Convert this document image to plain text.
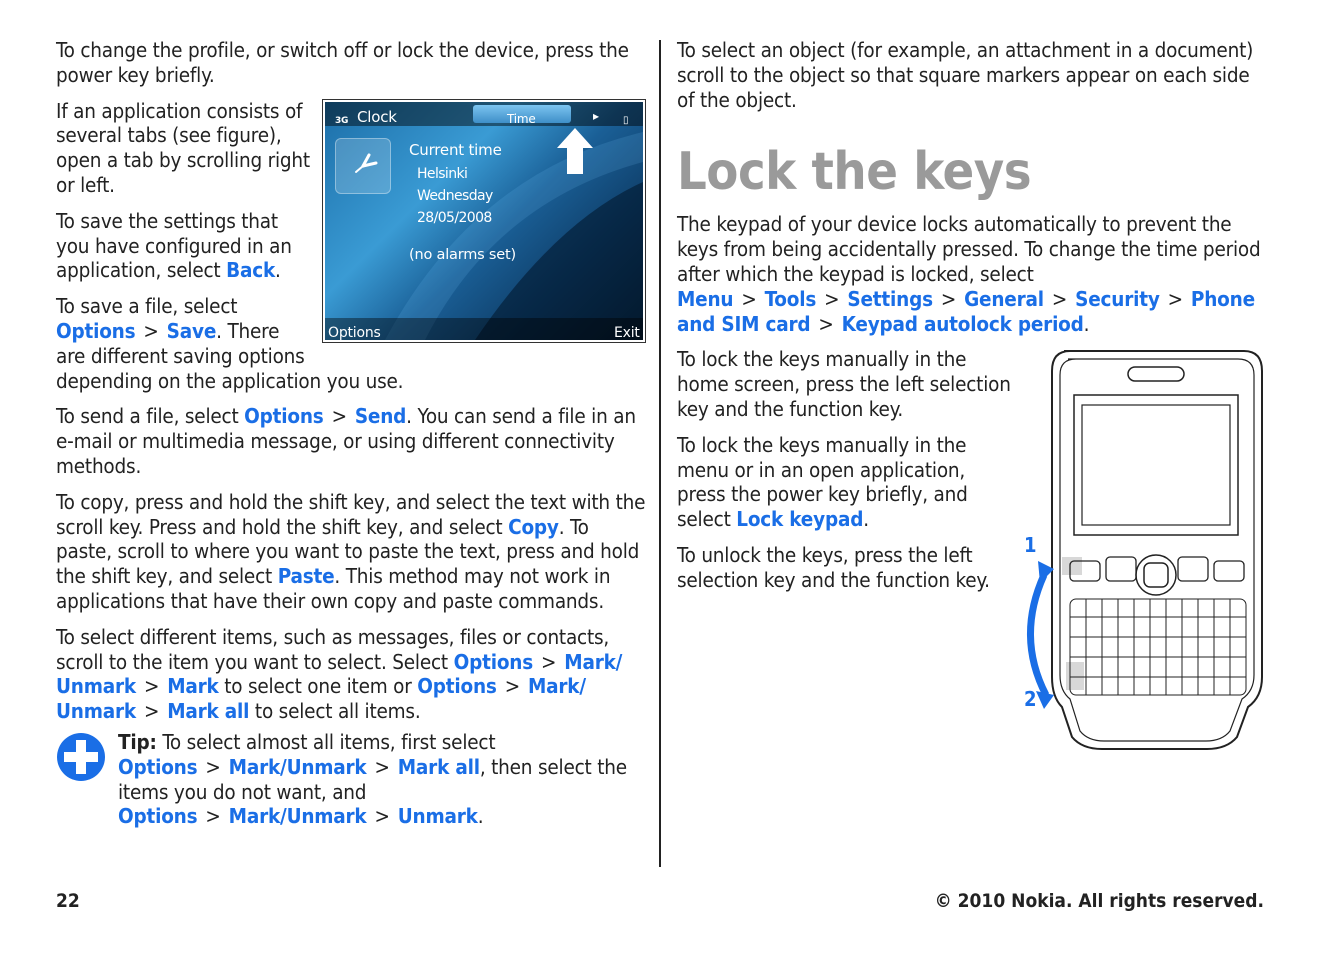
To change the profile, or switch off or lock the device, press the power key briefly.

3G Clock	Time	▸ ▯
Current time
Helsinki
Wednesday
28/05/2008
(no alarms set)
Options	Exit

If an application consists of several tabs (see figure), open a tab by scrolling right or left.

To save the settings that you have configured in an application, select Back.

To save a file, select Options > Save. There are different saving options depending on the application you use.

To send a file, select Options > Send. You can send a file in an e-mail or multimedia message, or using different connectivity methods.

To copy, press and hold the shift key, and select the text with the scroll key. Press and hold the shift key, and select Copy. To paste, scroll to where you want to paste the text, press and hold the shift key, and select Paste. This method may not work in applications that have their own copy and paste commands.

To select different items, such as messages, files or contacts, scroll to the item you want to select. Select Options > Mark/ Unmark > Mark to select one item or Options > Mark/ Unmark > Mark all to select all items.

Tip: To select almost all items, first select Options > Mark/Unmark > Mark all, then select the items you do not want, and Options > Mark/Unmark > Unmark.

To select an object (for example, an attachment in a document) scroll to the object so that square markers appear on each side of the object.

Lock the keys

The keypad of your device locks automatically to prevent the keys from being accidentally pressed. To change the time period after which the keypad is locked, select Menu > Tools > Settings > General > Security > Phone and SIM card > Keypad autolock period.

1
2

To lock the keys manually in the home screen, press the left selection key and the function key.

To lock the keys manually in the menu or in an open application, press the power key briefly, and select Lock keypad.

To unlock the keys, press the left selection key and the function key.

22	© 2010 Nokia. All rights reserved.
